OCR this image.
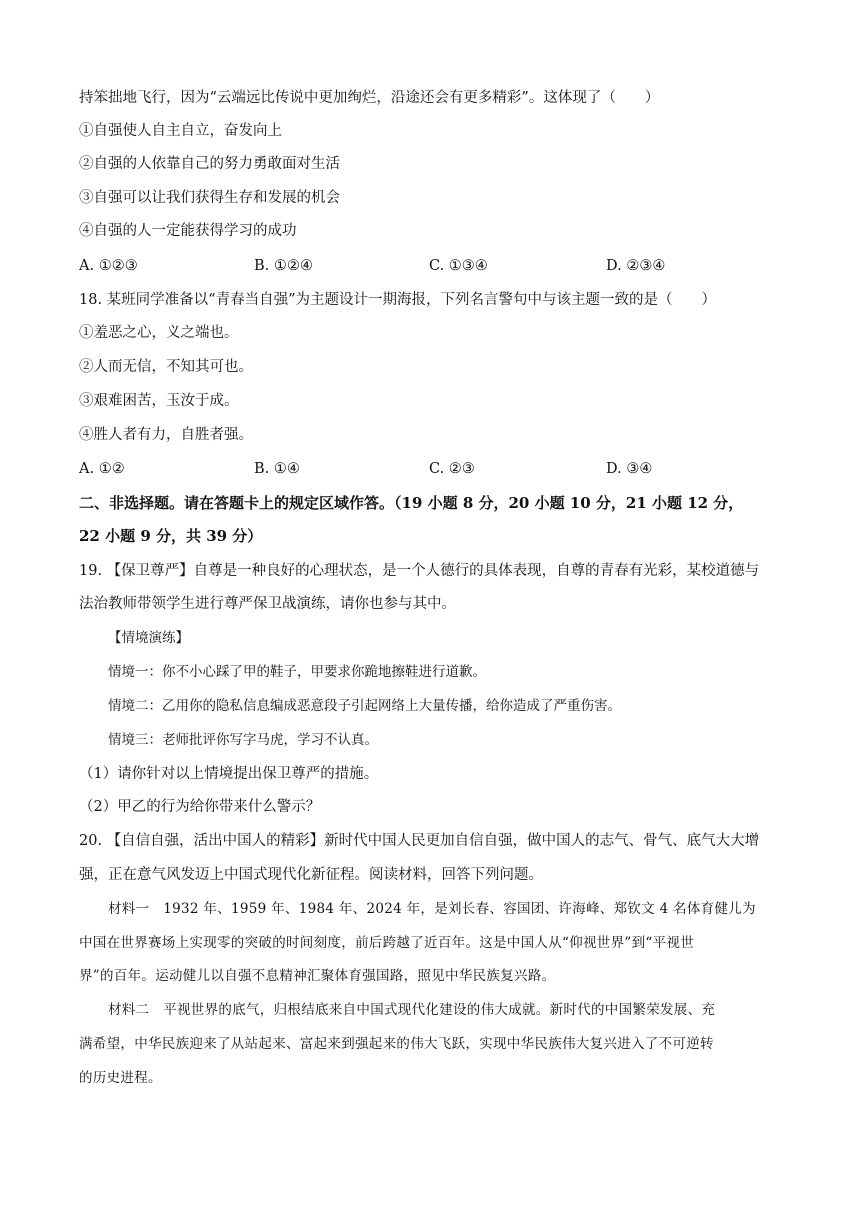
持笨拙地飞行，因为“云端远比传说中更加绚烂，沿途还会有更多精彩”。这体现了（　　）
①自强使人自主自立，奋发向上
②自强的人依靠自己的努力勇敢面对生活
③自强可以让我们获得生存和发展的机会
④自强的人一定能获得学习的成功
A. ①②③	B. ①②④	C. ①③④	D. ②③④
18. 某班同学准备以“青春当自强”为主题设计一期海报，下列名言警句中与该主题一致的是（　　）
①羞恶之心，义之端也。
②人而无信，不知其可也。
③艰难困苦，玉汝于成。
④胜人者有力，自胜者强。
A. ①②	B. ①④	C. ②③	D. ③④
二、非选择题。请在答题卡上的规定区域作答。（19 小题 8 分，20 小题 10 分，21 小题 12 分，
22 小题 9 分，共 39 分）
19. 【保卫尊严】自尊是一种良好的心理状态，是一个人德行的具体表现，自尊的青春有光彩，某校道德与
法治教师带领学生进行尊严保卫战演练，请你也参与其中。
【情境演练】
情境一：你不小心踩了甲的鞋子，甲要求你跪地擦鞋进行道歉。
情境二：乙用你的隐私信息编成恶意段子引起网络上大量传播，给你造成了严重伤害。
情境三：老师批评你写字马虎，学习不认真。
（1）请你针对以上情境提出保卫尊严的措施。
（2）甲乙的行为给你带来什么警示？
20. 【自信自强，活出中国人的精彩】新时代中国人民更加自信自强，做中国人的志气、骨气、底气大大增
强，正在意气风发迈上中国式现代化新征程。阅读材料，回答下列问题。
材料一　1932 年、1959 年、1984 年、2024 年，是刘长春、容国团、许海峰、郑钦文 4 名体育健儿为
中国在世界赛场上实现零的突破的时间刻度，前后跨越了近百年。这是中国人从“仰视世界”到“平视世
界”的百年。运动健儿以自强不息精神汇聚体育强国路，照见中华民族复兴路。
材料二　平视世界的底气，归根结底来自中国式现代化建设的伟大成就。新时代的中国繁荣发展、充
满希望，中华民族迎来了从站起来、富起来到强起来的伟大飞跃，实现中华民族伟大复兴进入了不可逆转
的历史进程。
